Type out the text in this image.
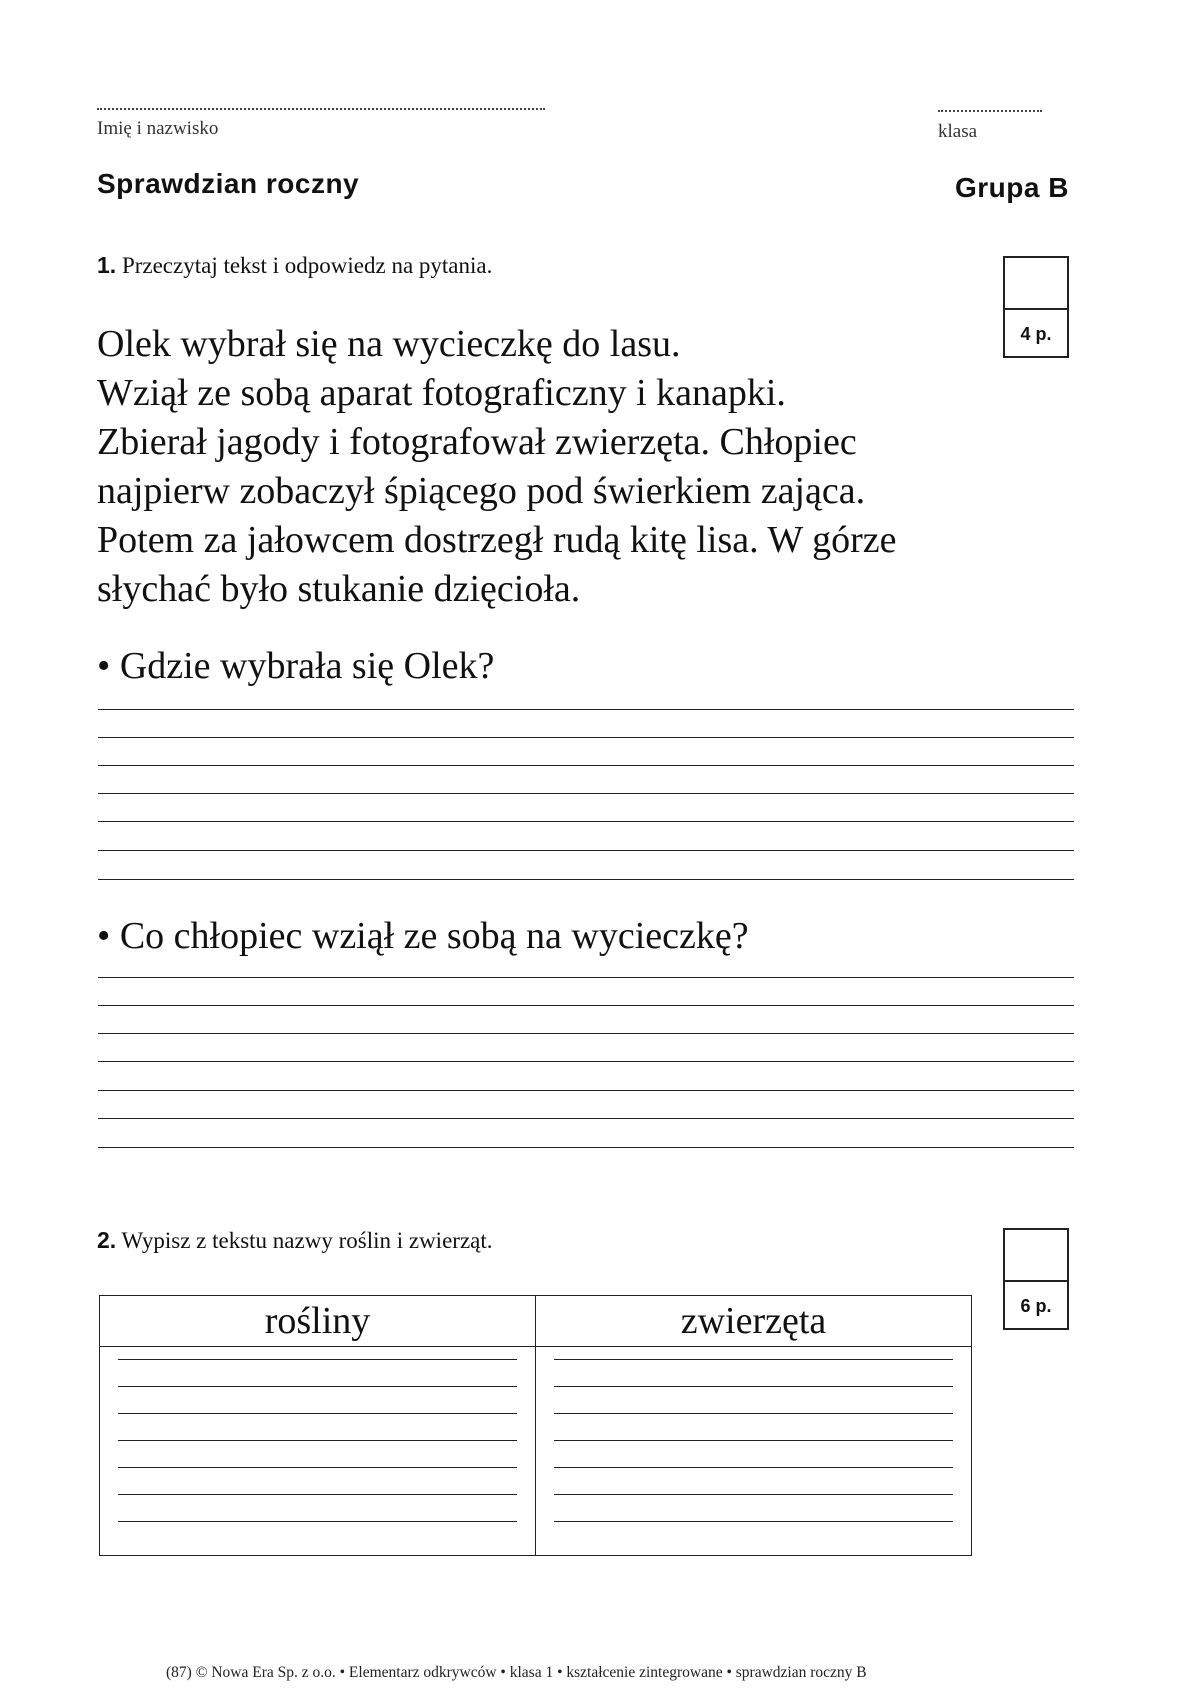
Imię i nazwisko	klasa
Sprawdzian roczny	Grupa B
1. Przeczytaj tekst i odpowiedz na pytania.
4 p.
Olek wybrał się na wycieczkę do lasu.
Wziął ze sobą aparat fotograficzny i kanapki.
Zbierał jagody i fotografował zwierzęta. Chłopiec
najpierw zobaczył śpiącego pod świerkiem zająca.
Potem za jałowcem dostrzegł rudą kitę lisa. W górze
słychać było stukanie dzięcioła.
• Gdzie wybrała się Olek?
• Co chłopiec wziął ze sobą na wycieczkę?
2. Wypisz z tekstu nazwy roślin i zwierząt.
6 p.
rośliny	zwierzęta

(87) © Nowa Era Sp. z o.o. • Elementarz odkrywców • klasa 1 • kształcenie zintegrowane • sprawdzian roczny B
